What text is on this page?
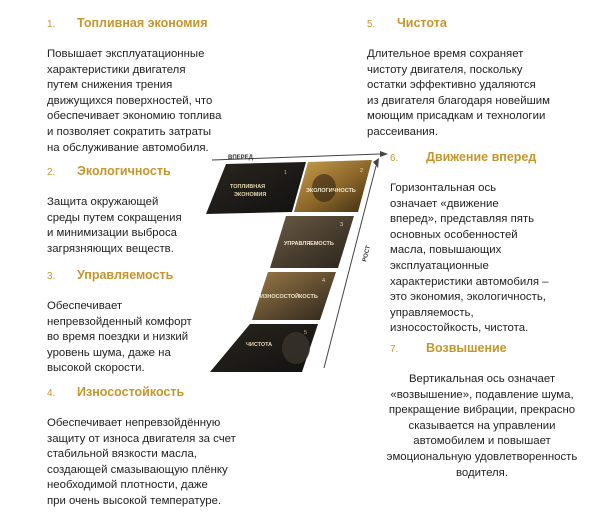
1.	Топливная экономия
Повышает эксплуатационные
характеристики двигателя
путем снижения трения
движущихся поверхностей, что
обеспечивает экономию топлива
и позволяет сократить затраты
на обслуживание автомобиля.
2.	Экологичность
Защита окружающей
среды путем сокращения
и минимизации выброса
загрязняющих веществ.
3.	Управляемость
Обеспечивает
непревзойденный комфорт
во время поездки и низкий
уровень шума, даже на
высокой скорости.
4.	Износостойкость
Обеспечивает непревзойдённую
защиту от износа двигателя за счет
стабильной вязкости масла,
создающей смазывающую плёнку
необходимой плотности, даже
при очень высокой температуре.
5.	Чистота
Длительное время сохраняет
чистоту двигателя, поскольку
остатки эффективно удаляются
из двигателя благодаря новейшим
моющим присадкам и технологии
рассеивания.
6.	Движение вперед
Горизонтальная ось
означает «движение
вперед», представляя пять
основных особенностей
масла, повышающих
эксплуатационные
характеристики автомобиля –
это экономия, экологичность,
управляемость,
износостойкость, чистота.
7.	Возвышение
Вертикальная ось означает
«возвышение», подавление шума,
прекращение вибрации, прекрасно
сказывается на управлении
автомобилем и повышает
эмоциональную удовлетворенность
водителя.
ВПЕРЕД
РОСТ
1
ТОПЛИВНАЯ
ЭКОНОМИЯ
2
ЭКОЛОГИЧНОСТЬ
3
УПРАВЛЯЕМОСТЬ
4
ИЗНОСОСТОЙКОСТЬ
5
ЧИСТОТА
